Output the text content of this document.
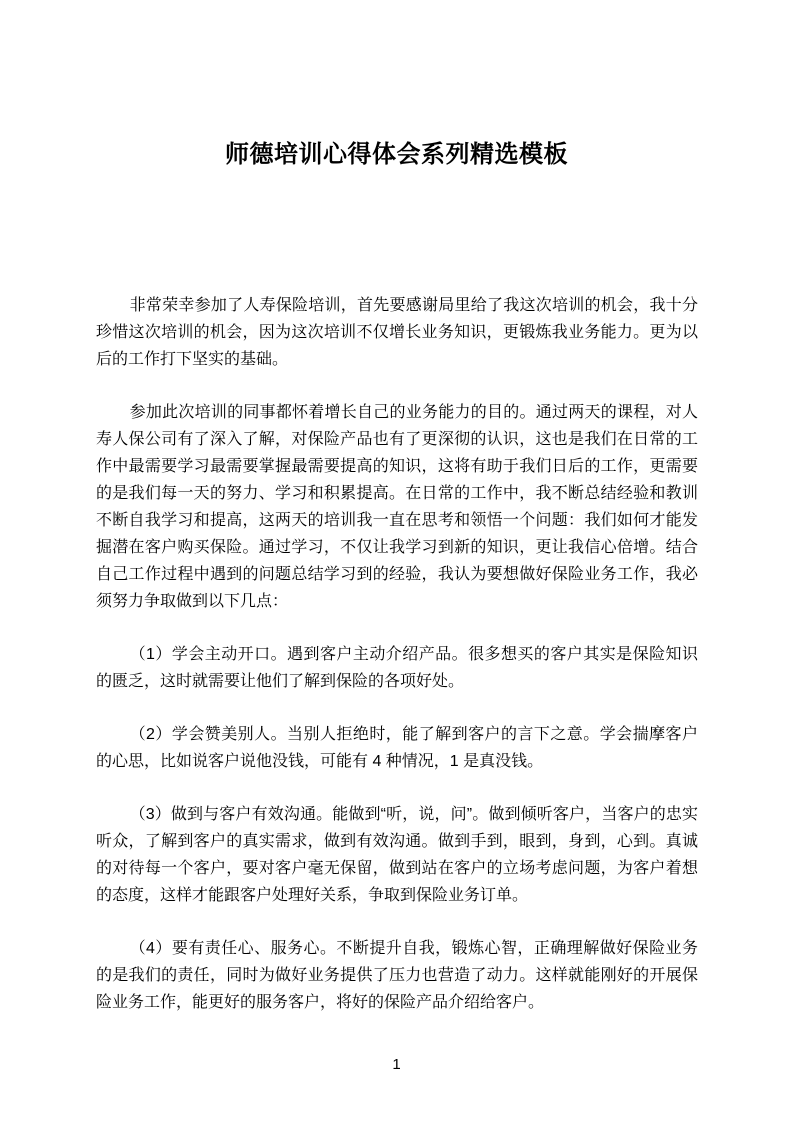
师德培训心得体会系列精选模板

非常荣幸参加了人寿保险培训，首先要感谢局里给了我这次培训的机会，我十分珍惜这次培训的机会，因为这次培训不仅增长业务知识，更锻炼我业务能力。更为以后的工作打下坚实的基础。

参加此次培训的同事都怀着增长自己的业务能力的目的。通过两天的课程，对人寿人保公司有了深入了解，对保险产品也有了更深彻的认识，这也是我们在日常的工作中最需要学习最需要掌握最需要提高的知识，这将有助于我们日后的工作，更需要的是我们每一天的努力、学习和积累提高。在日常的工作中，我不断总结经验和教训不断自我学习和提高，这两天的培训我一直在思考和领悟一个问题：我们如何才能发掘潜在客户购买保险。通过学习，不仅让我学习到新的知识，更让我信心倍增。结合自己工作过程中遇到的问题总结学习到的经验，我认为要想做好保险业务工作，我必须努力争取做到以下几点：

（1）学会主动开口。遇到客户主动介绍产品。很多想买的客户其实是保险知识的匮乏，这时就需要让他们了解到保险的各项好处。

（2）学会赞美别人。当别人拒绝时，能了解到客户的言下之意。学会揣摩客户的心思，比如说客户说他没钱，可能有 4 种情况，1 是真没钱。

（3）做到与客户有效沟通。能做到“听，说，问”。做到倾听客户，当客户的忠实听众，了解到客户的真实需求，做到有效沟通。做到手到，眼到，身到，心到。真诚的对待每一个客户，要对客户毫无保留，做到站在客户的立场考虑问题，为客户着想的态度，这样才能跟客户处理好关系，争取到保险业务订单。

（4）要有责任心、服务心。不断提升自我，锻炼心智，正确理解做好保险业务的是我们的责任，同时为做好业务提供了压力也营造了动力。这样就能刚好的开展保险业务工作，能更好的服务客户，将好的保险产品介绍给客户。

1
